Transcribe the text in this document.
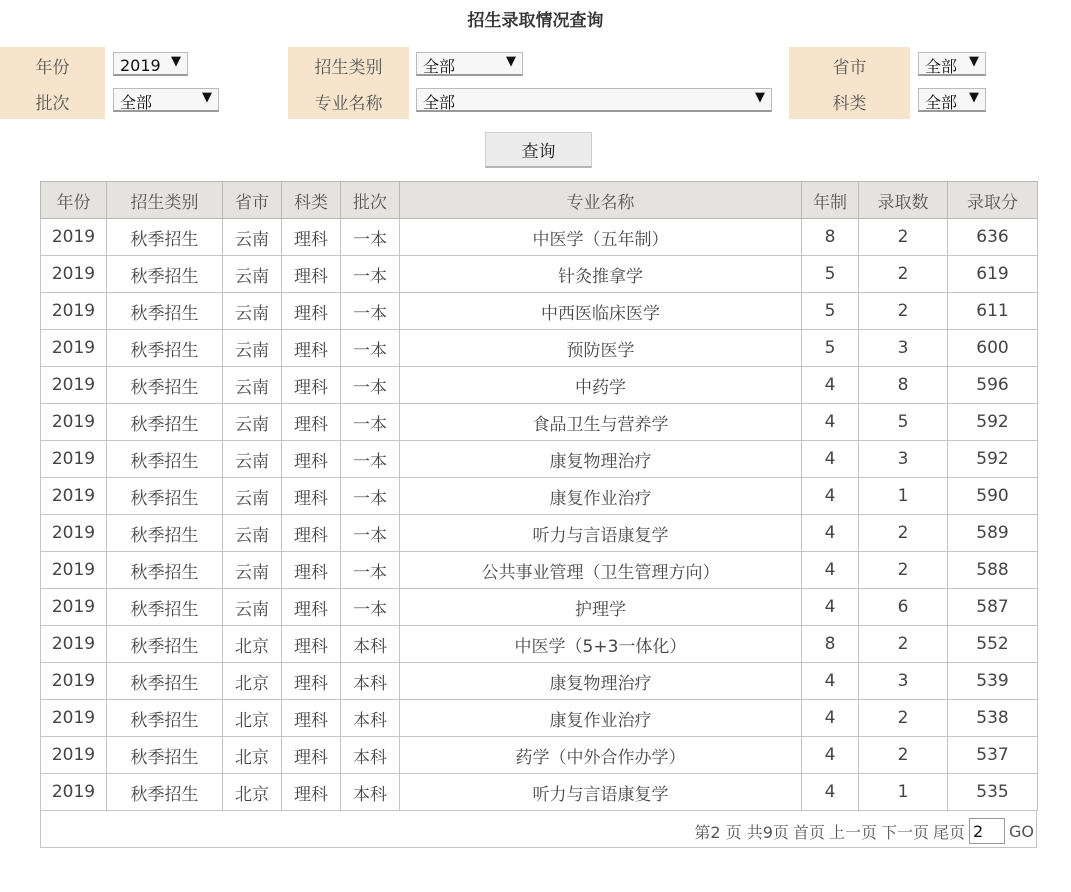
招生录取情况查询
年份
批次
2019 ▼
全部	▼
招生类别
专业名称
全部	▼
全部	▼
省市
科类
全部 ▼
全部 ▼
查询
年份	招生类别	省市	科类	批次	专业名称	年制	录取数	录取分
2019	秋季招生	云南	理科	一本	中医学（五年制）	8	2	636
2019	秋季招生	云南	理科	一本	针灸推拿学	5	2	619
2019	秋季招生	云南	理科	一本	中西医临床医学	5	2	611
2019	秋季招生	云南	理科	一本	预防医学	5	3	600
2019	秋季招生	云南	理科	一本	中药学	4	8	596
2019	秋季招生	云南	理科	一本	食品卫生与营养学	4	5	592
2019	秋季招生	云南	理科	一本	康复物理治疗	4	3	592
2019	秋季招生	云南	理科	一本	康复作业治疗	4	1	590
2019	秋季招生	云南	理科	一本	听力与言语康复学	4	2	589
2019	秋季招生	云南	理科	一本	公共事业管理（卫生管理方向）	4	2	588
2019	秋季招生	云南	理科	一本	护理学	4	6	587
2019	秋季招生	北京	理科	本科	中医学（5+3一体化）	8	2	552
2019	秋季招生	北京	理科	本科	康复物理治疗	4	3	539
2019	秋季招生	北京	理科	本科	康复作业治疗	4	2	538
2019	秋季招生	北京	理科	本科	药学（中外合作办学）	4	2	537
2019	秋季招生	北京	理科	本科	听力与言语康复学	4	1	535
第2 页 共9页 首页 上一页 下一页 尾页
2	GO
